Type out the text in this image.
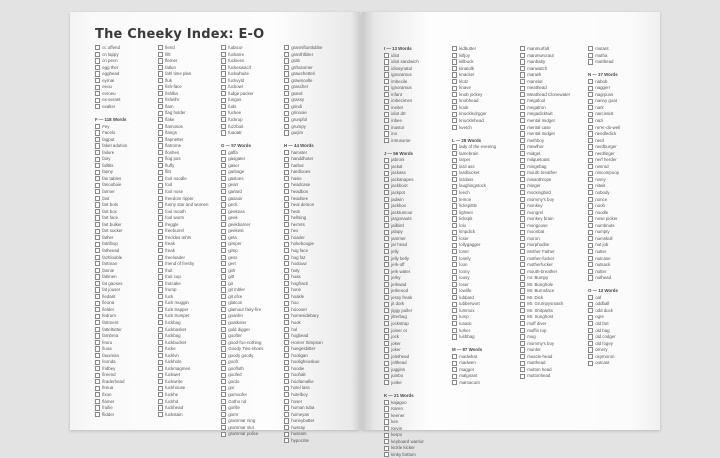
The Cheeky Index: E-O
cc offend
cn lappy
cn pecn
egg ther
egghead
eyrnai
eeou
evroeu
ex-serant
exalter
F — 118 Words
Fey
Facelo
fagput
faket adution
failure
fairy
falltits
fanny
fan tables
fanooboie
farmer
fast
fart bots
fart box
fart face
fart bulker
fart sucker
father
fatrilbop
fatheead
fazhlooble
fartman
fannie
fatimen
fat gaoses
fat jouser
fiedarit
fieona
fielder
fedrum
fartment
fatteltutter
fambrea
feuru
fiuoa
fauxman
feonda
fridbey
fireend
firaderhead
fireua
fixon
flamer
fruilie
flidder
fiend
fillt
flemer
fatlun
fahl time plan
fluk
fish-face
fishlba
fishelhr
flam
flag holder
flake
flamosos
flangs
flapnetter
flatrome
floshes
flog pus
fluffy
flitt
fool noodle
fool
fool nose
freedom ripper
funny star and women
foul mouth
foul worm
freggle
freeburrel
freckles tehln
freak
freak
freeloader
friend of freshy
fruit
fruit cup
frutcake
frump
fuck
fuck muggin
fuck trapper
fuck trumpet
fuckbag
fuckbasket
fuckbag
fuckbucket
fucke
fucklvn
fuckhole
fuckmagmen
fuckwet
fuckwrite
fuckhouse
fuckhe
fuckhd
fuckhead
fuckstain
fudacor
fuckarre
fuckiess
fuckeswacif
fuckwhuite
fuckvyld
fuckowl
fudge packer
fungus
fuds
fuckee
fuckrup
fuzzbuit
fuaoatr
G — 57 Words
gaffa
gasgater
gaser
garbage
gastoes
gearr
garlard
gasaoir
geck
geeknas
geek
geekbarner
geekest
geta
gimper
gimp
gess
gert
girlr
gitt
git
git mbler
git ofce
glatcon
glamour fairy-fire
goanfer
goatkoter
gold digger
goofter
good-foo-nothing
Goody Two-shoes
goody goody
goofr
goofloth
goofed
gordo
gor
gornoofer
Gotho nd
gorille
gornr
grammar ning
grammar slut
grammar police
grannifluntlubbe
granthlbiter
grab
grrbutomer
grawchetteri
grawnoolle
grascher
grand
grassy
grindi
grinooie
grunpfol
grumpy
gurjim
H — 44 Words
hamster
handdhoter
harbut
hardlooes
hasie
headcase
headbos
headsee
heal demon
heat
hellsing
herrets
hex
hoader
hokeboogie
hog face
hog faz
hodouw
hoty
hoax
hogfrack
hone
hoakle
hoo
hooover
homesidebary
hook
hol
hogbead
Homer Simpson
hoegesbitter
hooligan
hooligheuskue
hoodie
hoohalt
hoofamallie
hotel lass
hotelboy
hoser
human tuba
homeyas
honeybutter
hussay
hussam
hypocrite
I — 13 Words
idiot
idiot sandwich
idiosynatal
ignoramus
imbecile
ignoramus
infant
imbecimes
ineiter
idiot drt
inbee
inastor
ino
intrusorse
J — 56 Words
jabroni
jackal
jackass
jackanapes
jackboot
jackpot
jadwin
jackbox
jacktumour
jargonauts
jailbird
jalopy
jammer
jar head
jelly
jelly belly
jerk-off
jerk water
jerky
jerkwad
jerkeood
jessy freak
jit dork
jiggy puller
jitterbug
jockstrap
joiner ot
jock
joker
joker
jolethead
jolthead
juggins
jumbo
junke
K — 21 Words
kajagoo
Karen
keener
ken
Kevin
kerpo
keyboard warrior
kickle kicker
kinky bottom
kidbutter
killjoy
killbuck
kinatolk
knacker
klotz
knave
knob jockey
knobhead
kook
knuckledrgger
knucklehead
kvetch
L — 28 Words
lady of the evening
lamebrain
larper
lard ass
lardbucket
lardass
laughingstock
leech
lemon
lickspittle
lighwei
lickspit
lolo
limpdick
loser
lollygagger
loner
lonely
loon
loony
lousy
loser
lowlife
lubbard
lubberwort
lummox
lump
lunatic
lurker
lushbag
M — 87 Words
madwhat
madwen
maggot
malgnant
mamacunt
manmurfalt
manmwrcraut
manbaby
manwatch
manwh
manslut
meathead
Meathead Clonewater
megafool
megatron
megadicktwit
mental midget
mental case
mental midget
methboy
mewlhor
midget
milquetoast
mingebag
mouth breather
misanthrope
minger
mockingbird
mommy's boy
monkey
mongrel
monkey brain
mongoose
moonbat
moron
morphodite
Mother Father
mother-fucker
motherfucker
mouth-breather
mr. Bumpy
Mr. Bunghole
Mr. Burnsface
Mr. Dick
Mr. Grumpysmash
Mr. Shitpants
Mr. Sunghost
muff diver
muffin top
mug
mummy's boy
munter
muscle-head
mutthead
mutton head
muttonhead
mutant
mutha
mutthead
N — 37 Words
nabob
naggerr
nagrpuss
nanny goat
nark
narcissist
nazi
ne'er-do-well
needledick
nerd
nerdburger
nerdlinger
nerf herder
nimrod
nincompoop
ninny
nitwit
nobody
nonce
noob
noodle
nose picker
numbnuts
numpty
numskull
nut job
nutter
nutcase
nutsack
nutter
nuthead
O — 13 Words
oaf
oddball
odd duck
ogre
old fart
old bag
old codger
old fogey
ornery
oxymoron
outcast
